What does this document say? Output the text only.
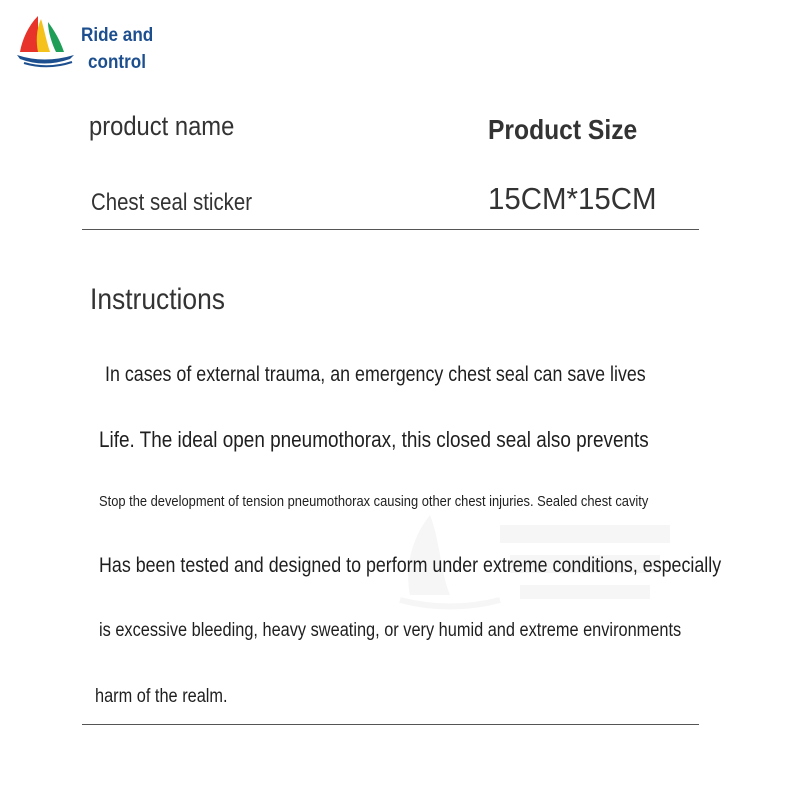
Ride and
control
product name	Product Size
Chest seal sticker	15CM*15CM
Instructions
In cases of external trauma, an emergency chest seal can save lives
Life. The ideal open pneumothorax, this closed seal also prevents
Stop the development of tension pneumothorax causing other chest injuries. Sealed chest cavity
Has been tested and designed to perform under extreme conditions, especially
is excessive bleeding, heavy sweating, or very humid and extreme environments
harm of the realm.
